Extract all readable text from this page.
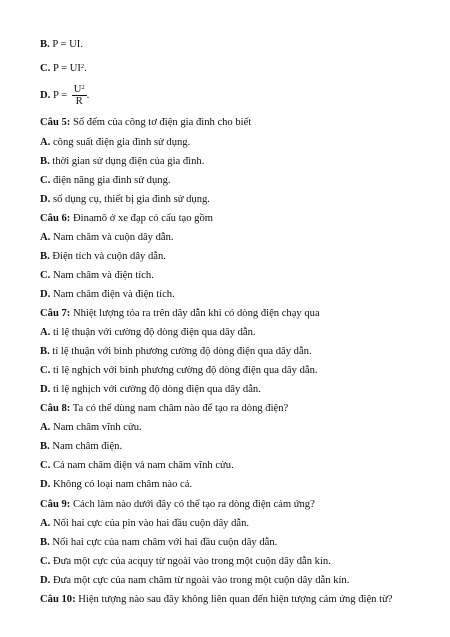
B. P = UI.
C. $P = UI^2$.
D. $P = \frac{U^2}{R}$ .
Câu 5: Số đếm của công tơ điện gia đình cho biết
A. công suất điện gia đình sử dụng.
B. thời gian sử dụng điện của gia đình.
C. điện năng gia đình sử dụng.
D. số dụng cụ, thiết bị gia đình sử dụng.
Câu 6: Đinamô ở xe đạp có cấu tạo gồm
A. Nam châm và cuộn dây dẫn.
B. Điện tích và cuộn dây dẫn.
C. Nam châm và điện tích.
D. Nam châm điện và điện tích.
Câu 7: Nhiệt lượng tỏa ra trên dây dẫn khi có dòng điện chạy qua
A. tỉ lệ thuận với cường độ dòng điện qua dây dẫn.
B. tỉ lệ thuận với bình phương cường độ dòng điện qua dây dẫn.
C. tỉ lệ nghịch với bình phương cường độ dòng điện qua dây dẫn.
D. tỉ lệ nghịch với cường độ dòng điện qua dây dẫn.
Câu 8: Ta có thể dùng nam châm nào để tạo ra dòng điện?
A. Nam châm vĩnh cửu.
B. Nam châm điện.
C. Cả nam châm điện và nam châm vĩnh cửu.
D. Không có loại nam châm nào cả.
Câu 9: Cách làm nào dưới đây có thể tạo ra dòng điện cảm ứng?
A. Nối hai cực của pin vào hai đầu cuộn dây dẫn.
B. Nối hai cực của nam châm với hai đầu cuộn dây dẫn.
C. Đưa một cực của acquy từ ngoài vào trong một cuộn dây dẫn kín.
D. Đưa một cực của nam châm từ ngoài vào trong một cuộn dây dẫn kín.
Câu 10: Hiện tượng nào sau đây không liên quan đến hiện tượng cảm ứng điện từ?
